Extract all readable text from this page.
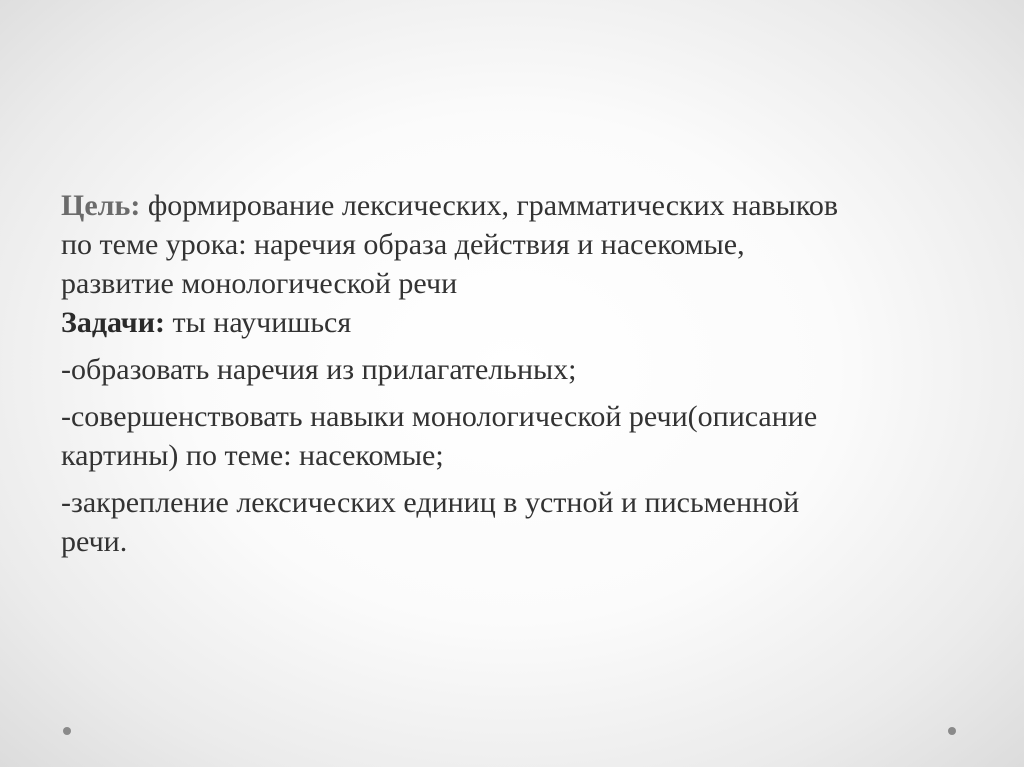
Цель: формирование лексических, грамматических навыков

по теме урока: наречия образа действия и насекомые,

развитие монологической речи

Задачи: ты научишься

-образовать наречия из прилагательных;

-совершенствовать навыки монологической речи(описание

картины) по теме: насекомые;

-закрепление лексических единиц в устной и письменной

речи.
